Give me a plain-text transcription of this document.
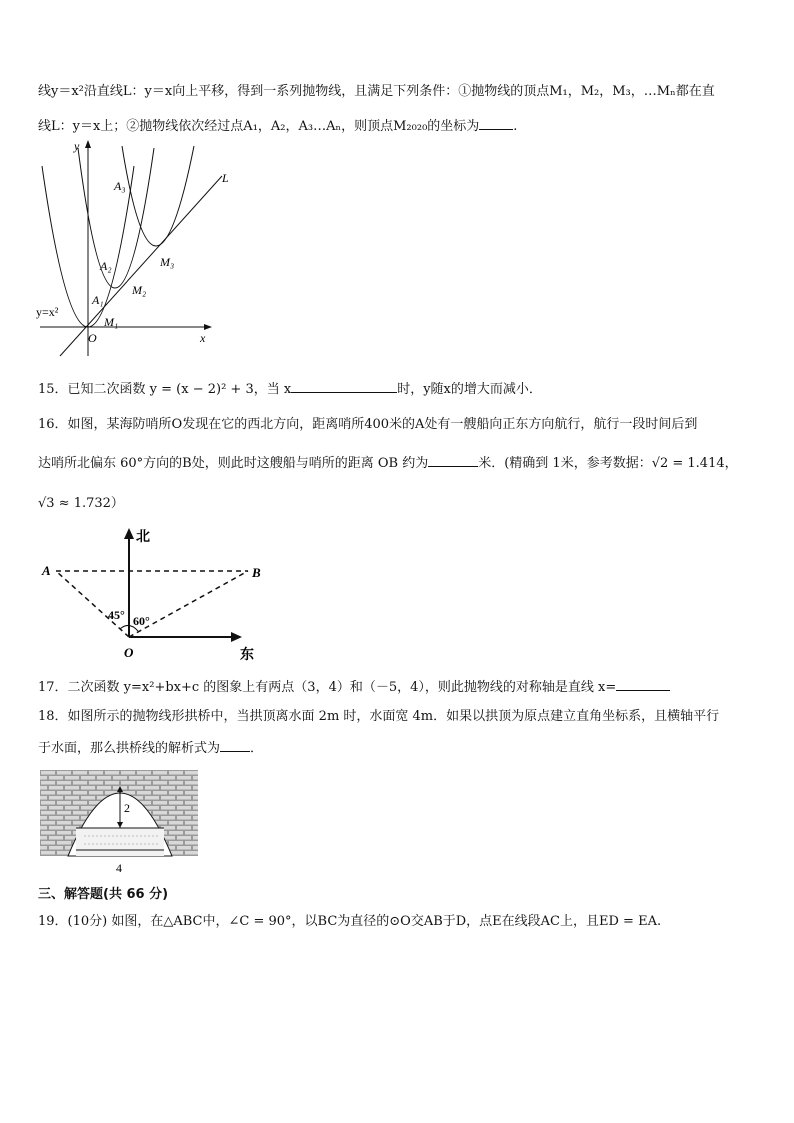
线y＝x²沿直线L：y＝x向上平移，得到一系列抛物线，且满足下列条件：①抛物线的顶点M₁，M₂，M₃，…Mₙ都在直
线L：y＝x上；②抛物线依次经过点A₁，A₂，A₃…Aₙ，则顶点M₂₀₂₀的坐标为	.
y
x
O
L
y=x²
A₃
A₂
A₁
M₃
M₂
M₁
15．已知二次函数 y = (x − 2)² + 3，当 x	时，y随x的增大而减小．
16．如图，某海防哨所O发现在它的西北方向，距离哨所400米的A处有一艘船向正东方向航行，航行一段时间后到
达哨所北偏东 60°方向的B处，则此时这艘船与哨所的距离 OB 约为	米．(精确到 1米，参考数据：√2 = 1.414，
√3 ≈ 1.732）
北
东
A	B
O
45° 60°
17．二次函数 y=x²+bx+c 的图象上有两点（3，4）和（－5，4），则此抛物线的对称轴是直线 x=
18．如图所示的抛物线形拱桥中，当拱顶离水面 2m 时，水面宽 4m．如果以拱顶为原点建立直角坐标系，且横轴平行
于水面，那么拱桥线的解析式为 ．
2
4
三、解答题(共 66 分)
19．(10分) 如图，在△ABC中，∠C = 90°，以BC为直径的⊙O交AB于D，点E在线段AC上，且ED = EA.
